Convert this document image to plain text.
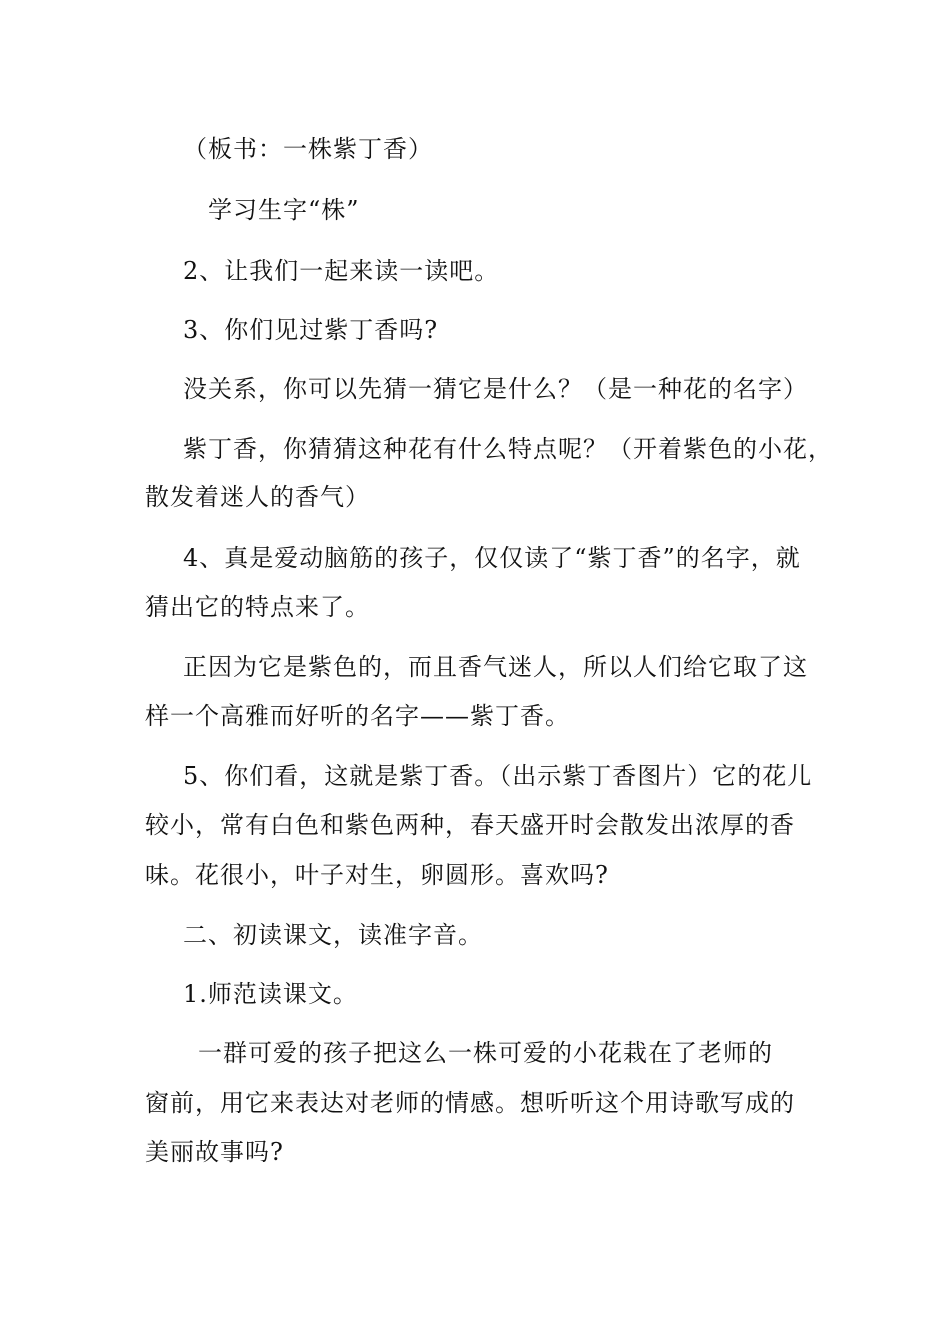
（板书：一株紫丁香）
学习生字“株”
2、让我们一起来读一读吧。
3、你们见过紫丁香吗?
没关系，你可以先猜一猜它是什么？（是一种花的名字）
紫丁香，你猜猜这种花有什么特点呢？（开着紫色的小花，
散发着迷人的香气）
4、真是爱动脑筋的孩子，仅仅读了“紫丁香”的名字，就
猜出它的特点来了。
正因为它是紫色的，而且香气迷人，所以人们给它取了这
样一个高雅而好听的名字——紫丁香。
5、你们看，这就是紫丁香。（出示紫丁香图片）它的花儿
较小，常有白色和紫色两种，春天盛开时会散发出浓厚的香
味。花很小，叶子对生，卵圆形。喜欢吗?
二、初读课文，读准字音。
1.师范读课文。
一群可爱的孩子把这么一株可爱的小花栽在了老师的
窗前，用它来表达对老师的情感。想听听这个用诗歌写成的
美丽故事吗?
